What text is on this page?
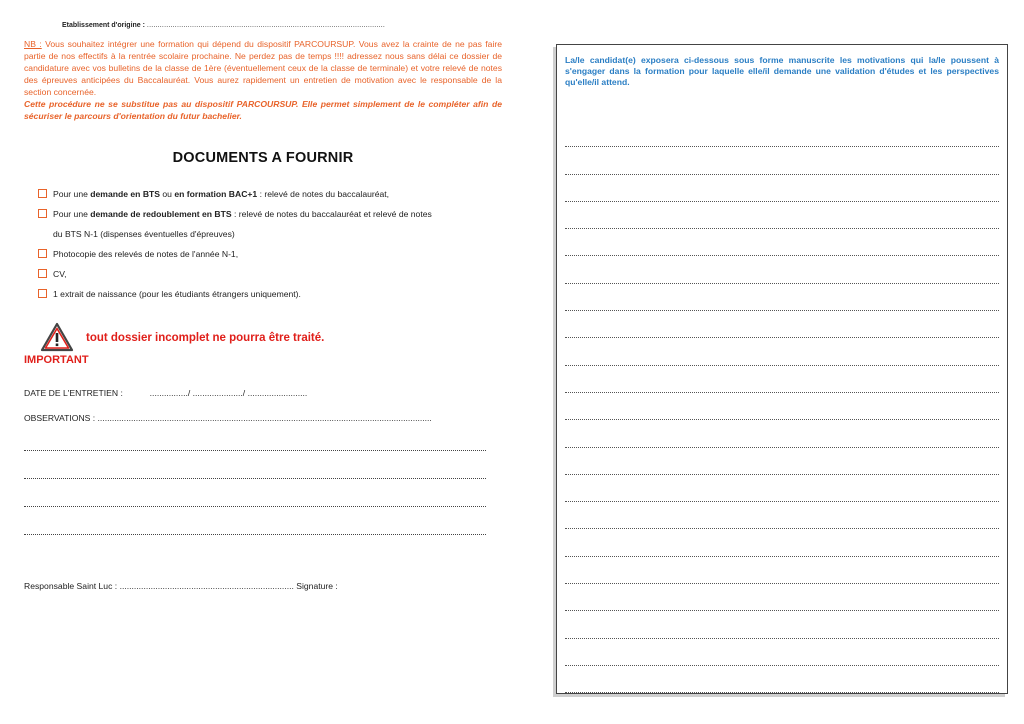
Etablissement d'origine : ...............................................................................................................
NB : Vous souhaitez intégrer une formation qui dépend du dispositif PARCOURSUP. Vous avez la crainte de ne pas faire partie de nos effectifs à la rentrée scolaire prochaine. Ne perdez pas de temps !!!! adressez nous sans délai ce dossier de candidature avec vos bulletins de la classe de 1ère (éventuellement ceux de la classe de terminale) et votre relevé de notes des épreuves anticipées du Baccalauréat. Vous aurez rapidement un entretien de motivation avec le responsable de la section concernée.
Cette procédure ne se substitue pas au dispositif PARCOURSUP. Elle permet simplement de le compléter afin de sécuriser le parcours d'orientation du futur bachelier.
DOCUMENTS A FOURNIR
Pour une demande en BTS ou en formation BAC+1 : relevé de notes du baccalauréat,
Pour une demande de redoublement en BTS : relevé de notes du baccalauréat et relevé de notes
du BTS N-1 (dispenses éventuelles d'épreuves)
Photocopie des relevés de notes de l'année N-1,
CV,
1 extrait de naissance (pour les étudiants étrangers uniquement).
tout dossier incomplet ne pourra être traité.
IMPORTANT
DATE DE L'ENTRETIEN :	................/ ...................../ .........................
OBSERVATIONS : ............................................................................................................................................
Responsable Saint Luc : ......................................................................... Signature :
La/le candidat(e) exposera ci-dessous sous forme manuscrite les motivations qui la/le poussent à s'engager dans la formation pour laquelle elle/il demande une validation d'études et les perspectives qu'elle/il attend.
